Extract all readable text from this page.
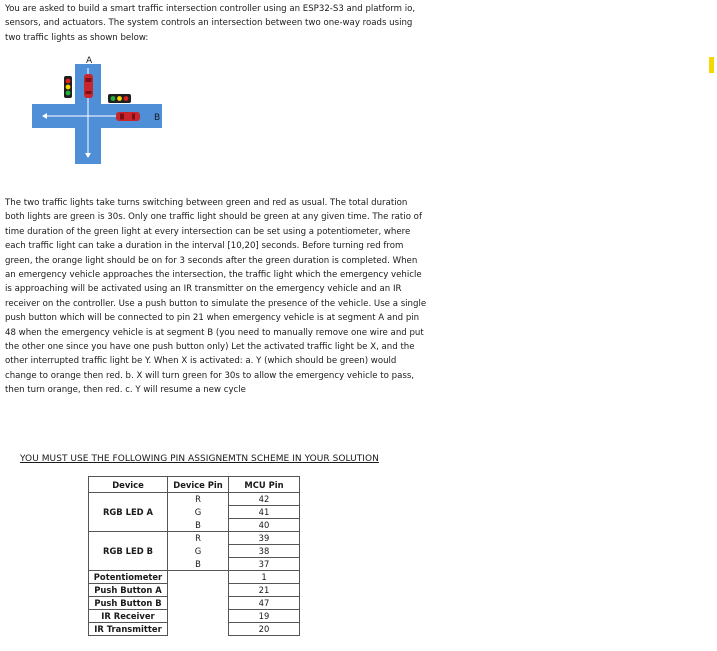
You are asked to build a smart traffic intersection controller using an ESP32-S3 and platform io, sensors, and actuators. The system controls an intersection between two one-way roads using two traffic lights as shown below:

A
B

The two traffic lights take turns switching between green and red as usual. The total duration both lights are green is 30s. Only one traffic light should be green at any given time. The ratio of time duration of the green light at every intersection can be set using a potentiometer, where each traffic light can take a duration in the interval [10,20] seconds. Before turning red from green, the orange light should be on for 3 seconds after the green duration is completed. When an emergency vehicle approaches the intersection, the traffic light which the emergency vehicle is approaching will be activated using an IR transmitter on the emergency vehicle and an IR receiver on the controller. Use a push button to simulate the presence of the vehicle. Use a single push button which will be connected to pin 21 when emergency vehicle is at segment A and pin 48 when the emergency vehicle is at segment B (you need to manually remove one wire and put the other one since you have one push button only) Let the activated traffic light be X, and the other interrupted traffic light be Y. When X is activated: a. Y (which should be green) would change to orange then red. b. X will turn green for 30s to allow the emergency vehicle to pass, then turn orange, then red. c. Y will resume a new cycle

YOU MUST USE THE FOLLOWING PIN ASSIGNEMTN SCHEME IN YOUR SOLUTION
Device	Device Pin	MCU Pin
RGB LED A	R	42
	G	41
	B	40
RGB LED B	R	39
	G	38
	B	37
Potentiometer		1
Push Button A		21
Push Button B		47
IR Receiver		19
IR Transmitter		20
